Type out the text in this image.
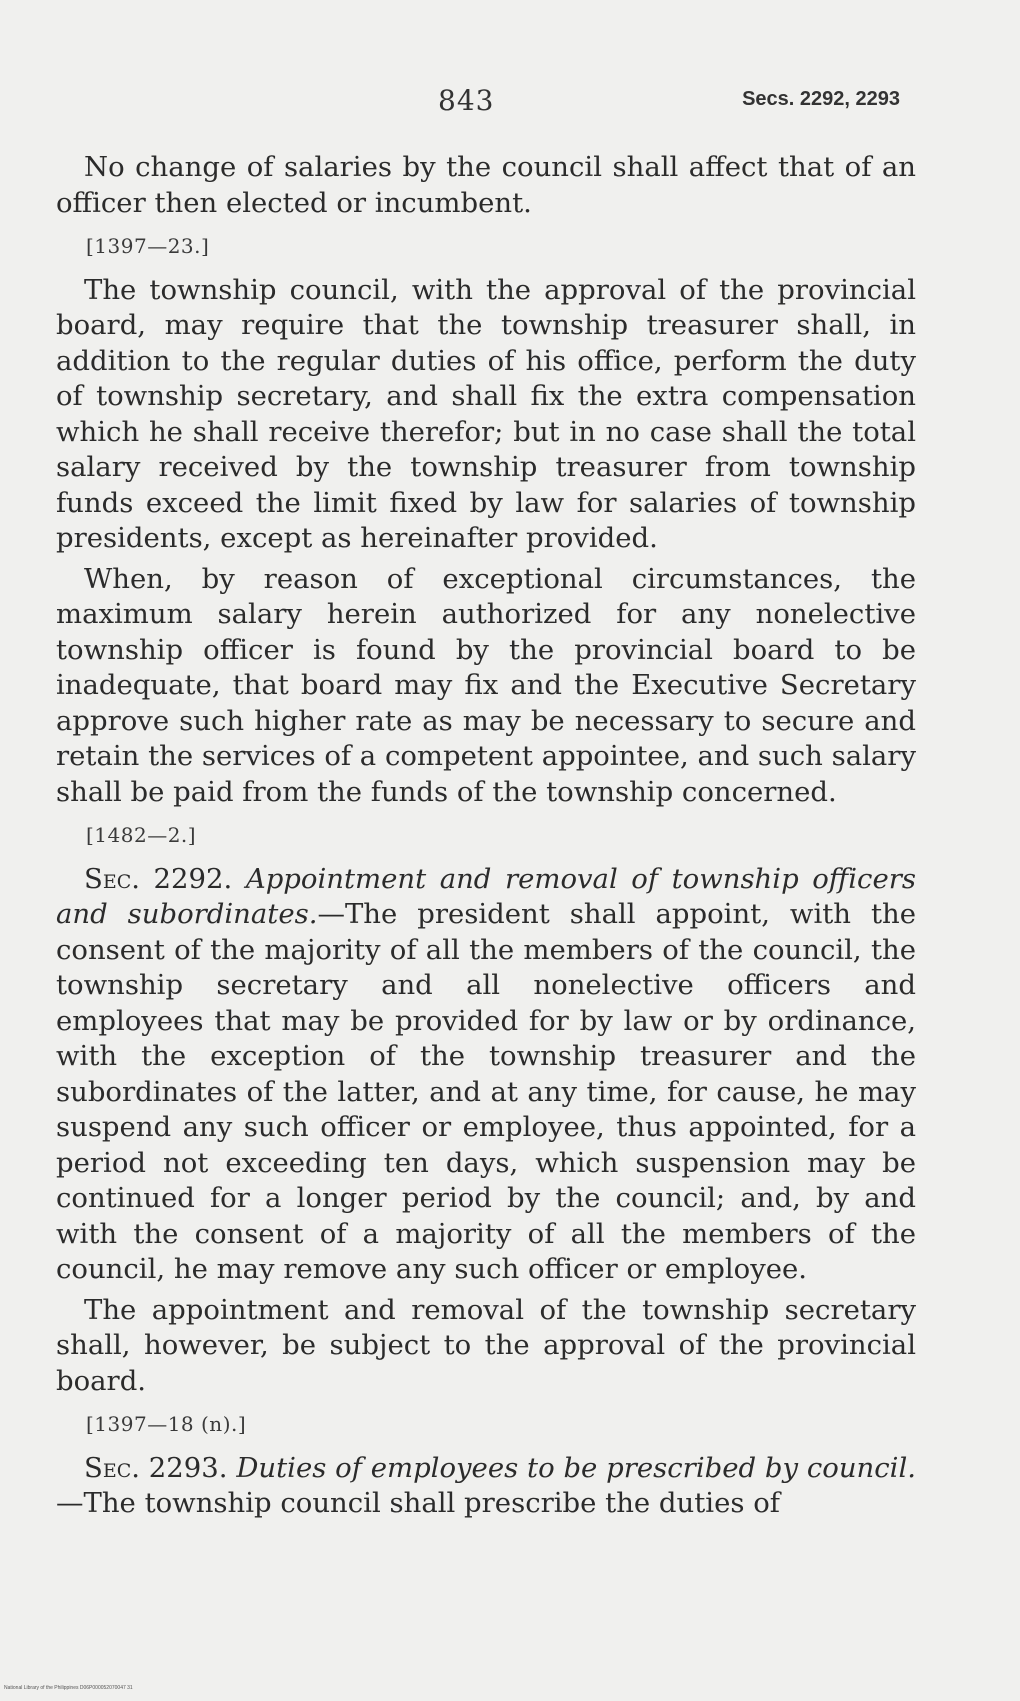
843	Secs. 2292, 2293

No change of salaries by the council shall affect that of an officer then elected or incumbent.

[1397—23.]

The township council, with the approval of the provincial board, may require that the township treasurer shall, in addition to the regular duties of his office, perform the duty of township secretary, and shall fix the extra compensation which he shall receive therefor; but in no case shall the total salary received by the township treasurer from township funds exceed the limit fixed by law for salaries of township presidents, except as hereinafter provided.

When, by reason of exceptional circumstances, the maximum salary herein authorized for any nonelective township officer is found by the provincial board to be inadequate, that board may fix and the Executive Secretary approve such higher rate as may be necessary to secure and retain the services of a competent appointee, and such salary shall be paid from the funds of the township concerned.

[1482—2.]

Sec. 2292. Appointment and removal of township officers and subordinates.—The president shall appoint, with the consent of the majority of all the members of the council, the township secretary and all nonelective officers and employees that may be provided for by law or by ordinance, with the exception of the township treasurer and the subordinates of the latter, and at any time, for cause, he may suspend any such officer or employee, thus appointed, for a period not exceeding ten days, which suspension may be continued for a longer period by the council; and, by and with the consent of a majority of all the members of the council, he may remove any such officer or employee.

The appointment and removal of the township secretary shall, however, be subject to the approval of the provincial board.

[1397—18 (n).]

Sec. 2293. Duties of employees to be prescribed by council.—The township council shall prescribe the duties of

National Library of the Philippines D06P000052070047 31
